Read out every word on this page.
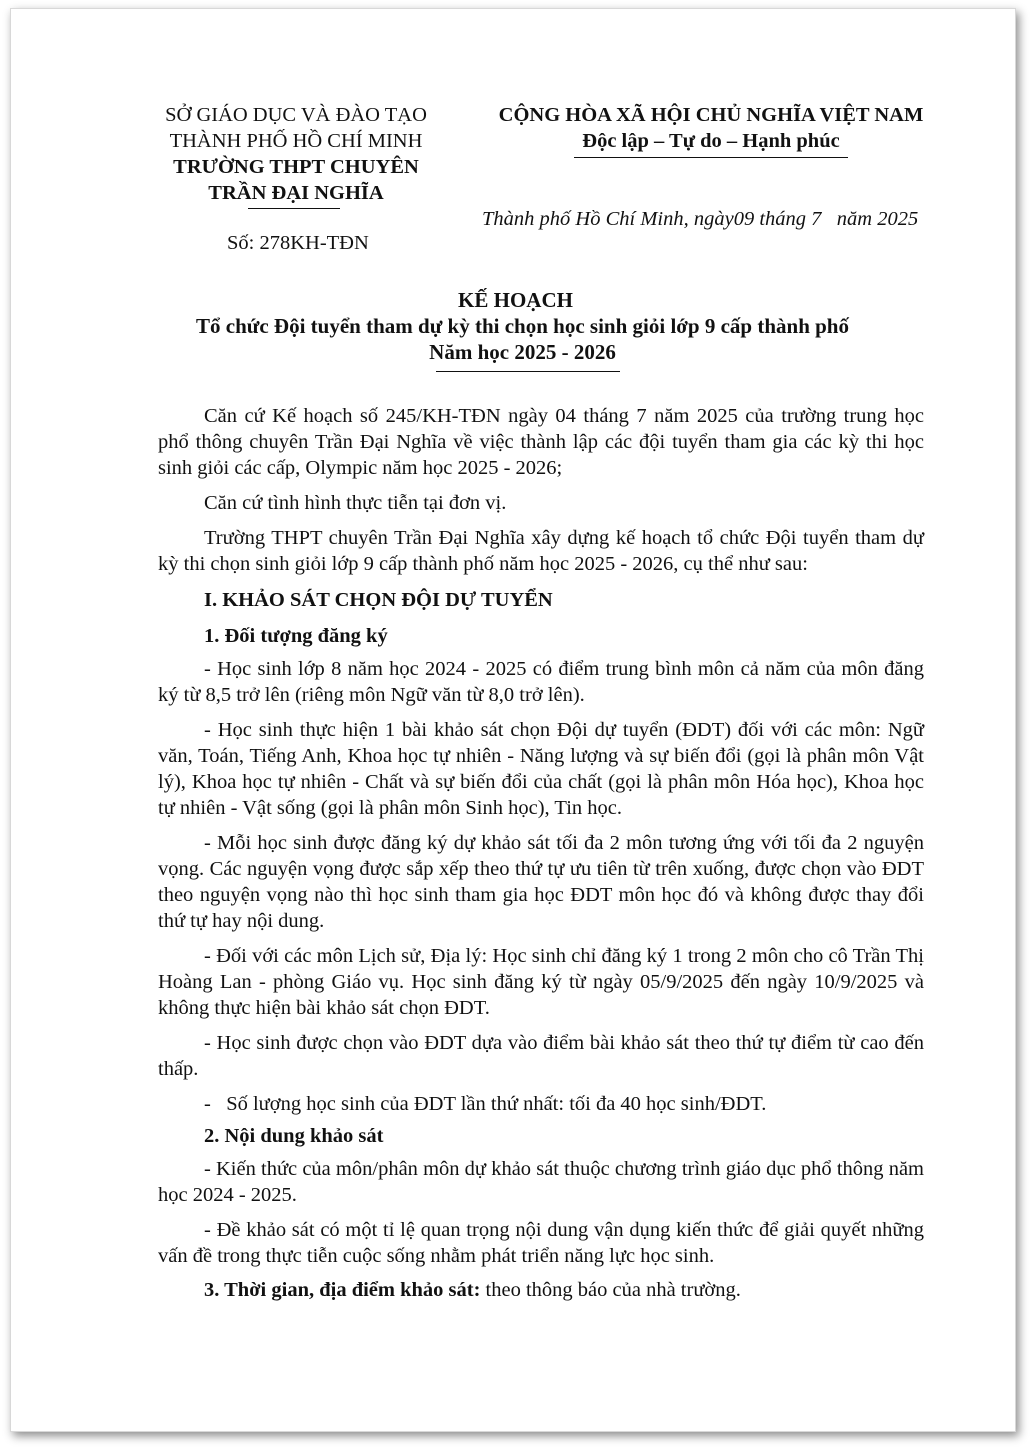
SỞ GIÁO DỤC VÀ ĐÀO TẠO
THÀNH PHỐ HỒ CHÍ MINH
TRƯỜNG THPT CHUYÊN
TRẦN ĐẠI NGHĨA
Số: 278KH-TĐN
CỘNG HÒA XÃ HỘI CHỦ NGHĨA VIỆT NAM
Độc lập – Tự do – Hạnh phúc
Thành phố Hồ Chí Minh, ngày09 tháng 7 năm 2025
KẾ HOẠCH
Tổ chức Đội tuyển tham dự kỳ thi chọn học sinh giỏi lớp 9 cấp thành phố
Năm học 2025 - 2026

Căn cứ Kế hoạch số 245/KH-TĐN ngày 04 tháng 7 năm 2025 của trường trung học phổ thông chuyên Trần Đại Nghĩa về việc thành lập các đội tuyển tham gia các kỳ thi học sinh giỏi các cấp, Olympic năm học 2025 - 2026;

Căn cứ tình hình thực tiễn tại đơn vị.

Trường THPT chuyên Trần Đại Nghĩa xây dựng kế hoạch tổ chức Đội tuyển tham dự kỳ thi chọn sinh giỏi lớp 9 cấp thành phố năm học 2025 - 2026, cụ thể như sau:

I. KHẢO SÁT CHỌN ĐỘI DỰ TUYỂN
1. Đối tượng đăng ký

- Học sinh lớp 8 năm học 2024 - 2025 có điểm trung bình môn cả năm của môn đăng ký từ 8,5 trở lên (riêng môn Ngữ văn từ 8,0 trở lên).

- Học sinh thực hiện 1 bài khảo sát chọn Đội dự tuyển (ĐDT) đối với các môn: Ngữ văn, Toán, Tiếng Anh, Khoa học tự nhiên - Năng lượng và sự biến đổi (gọi là phân môn Vật lý), Khoa học tự nhiên - Chất và sự biến đổi của chất (gọi là phân môn Hóa học), Khoa học tự nhiên - Vật sống (gọi là phân môn Sinh học), Tin học.

- Mỗi học sinh được đăng ký dự khảo sát tối đa 2 môn tương ứng với tối đa 2 nguyện vọng. Các nguyện vọng được sắp xếp theo thứ tự ưu tiên từ trên xuống, được chọn vào ĐDT theo nguyện vọng nào thì học sinh tham gia học ĐDT môn học đó và không được thay đổi thứ tự hay nội dung.

- Đối với các môn Lịch sử, Địa lý: Học sinh chỉ đăng ký 1 trong 2 môn cho cô Trần Thị Hoàng Lan - phòng Giáo vụ. Học sinh đăng ký từ ngày 05/9/2025 đến ngày 10/9/2025 và không thực hiện bài khảo sát chọn ĐDT.

- Học sinh được chọn vào ĐDT dựa vào điểm bài khảo sát theo thứ tự điểm từ cao đến thấp.

-   Số lượng học sinh của ĐDT lần thứ nhất: tối đa 40 học sinh/ĐDT.

2. Nội dung khảo sát

- Kiến thức của môn/phân môn dự khảo sát thuộc chương trình giáo dục phổ thông năm học 2024 - 2025.

- Đề khảo sát có một tỉ lệ quan trọng nội dung vận dụng kiến thức để giải quyết những vấn đề trong thực tiễn cuộc sống nhằm phát triển năng lực học sinh.

3. Thời gian, địa điểm khảo sát: theo thông báo của nhà trường.
